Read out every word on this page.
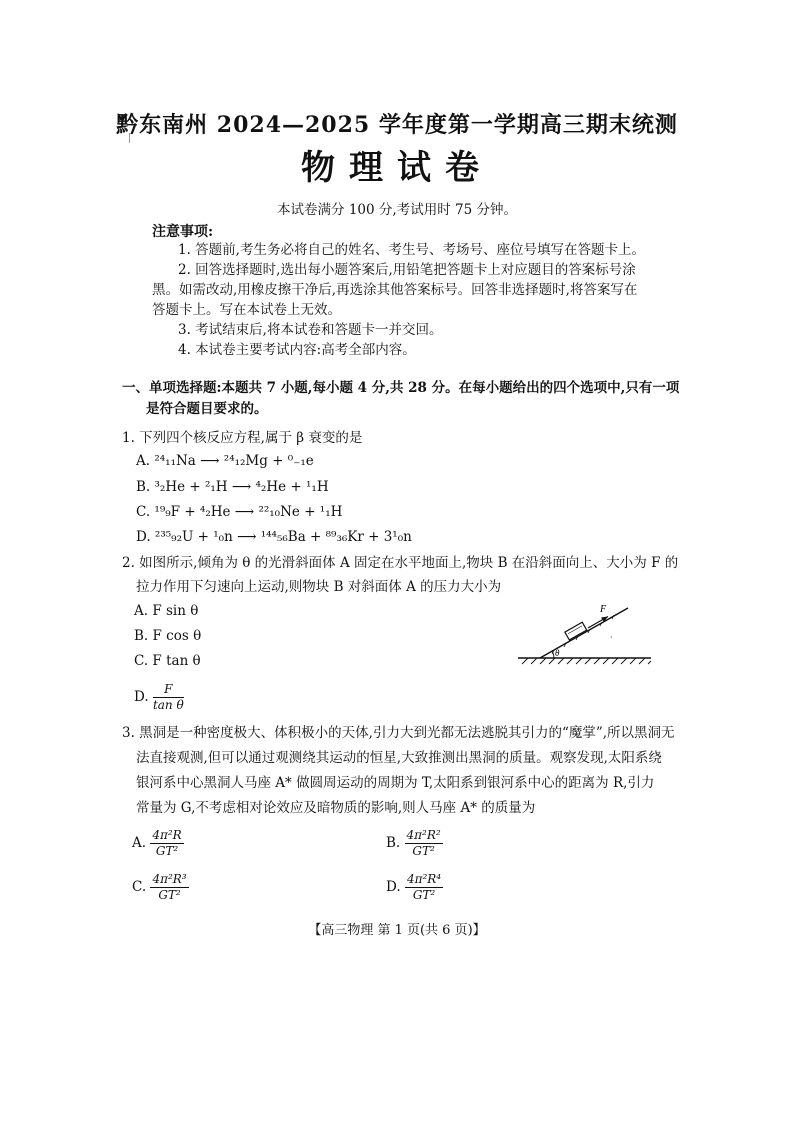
黔东南州 2024—2025 学年度第一学期高三期末统测
物理试卷
本试卷满分 100 分,考试用时 75 分钟。
注意事项:
1. 答题前,考生务必将自己的姓名、考生号、考场号、座位号填写在答题卡上。
2. 回答选择题时,选出每小题答案后,用铅笔把答题卡上对应题目的答案标号涂
黑。如需改动,用橡皮擦干净后,再选涂其他答案标号。回答非选择题时,将答案写在
答题卡上。写在本试卷上无效。
3. 考试结束后,将本试卷和答题卡一并交回。
4. 本试卷主要考试内容:高考全部内容。
一、单项选择题:本题共 7 小题,每小题 4 分,共 28 分。在每小题给出的四个选项中,只有一项
是符合题目要求的。
1. 下列四个核反应方程,属于 β 衰变的是
A. ²⁴₁₁Na ⟶ ²⁴₁₂Mg + ⁰₋₁e
B. ³₂He + ²₁H ⟶ ⁴₂He + ¹₁H
C. ¹⁹₉F + ⁴₂He ⟶ ²²₁₀Ne + ¹₁H
D. ²³⁵₉₂U + ¹₀n ⟶ ¹⁴⁴₅₆Ba + ⁸⁹₃₆Kr + 3¹₀n
2. 如图所示,倾角为 θ 的光滑斜面体 A 固定在水平地面上,物块 B 在沿斜面向上、大小为 F 的
拉力作用下匀速向上运动,则物块 B 对斜面体 A 的压力大小为
A. F sin θ
B. F cos θ
C. F tan θ
D. $\frac{F}{\text{tan θ}}$
F
θ
·
3. 黑洞是一种密度极大、体积极小的天体,引力大到光都无法逃脱其引力的“魔掌”,所以黑洞无
法直接观测,但可以通过观测绕其运动的恒星,大致推测出黑洞的质量。观察发现,太阳系绕
银河系中心黑洞人马座 A* 做圆周运动的周期为 T,太阳系到银河系中心的距离为 R,引力
常量为 G,不考虑相对论效应及暗物质的影响,则人马座 A* 的质量为
A. $\frac{\text{4π²R}}{\text{GT²}}$	B. $\frac{\text{4π²R²}}{\text{GT²}}$
C. $\frac{\text{4π²R³}}{\text{GT²}}$	D. $\frac{\text{4π²R⁴}}{\text{GT²}}$
【高三物理 第 1 页(共 6 页)】
